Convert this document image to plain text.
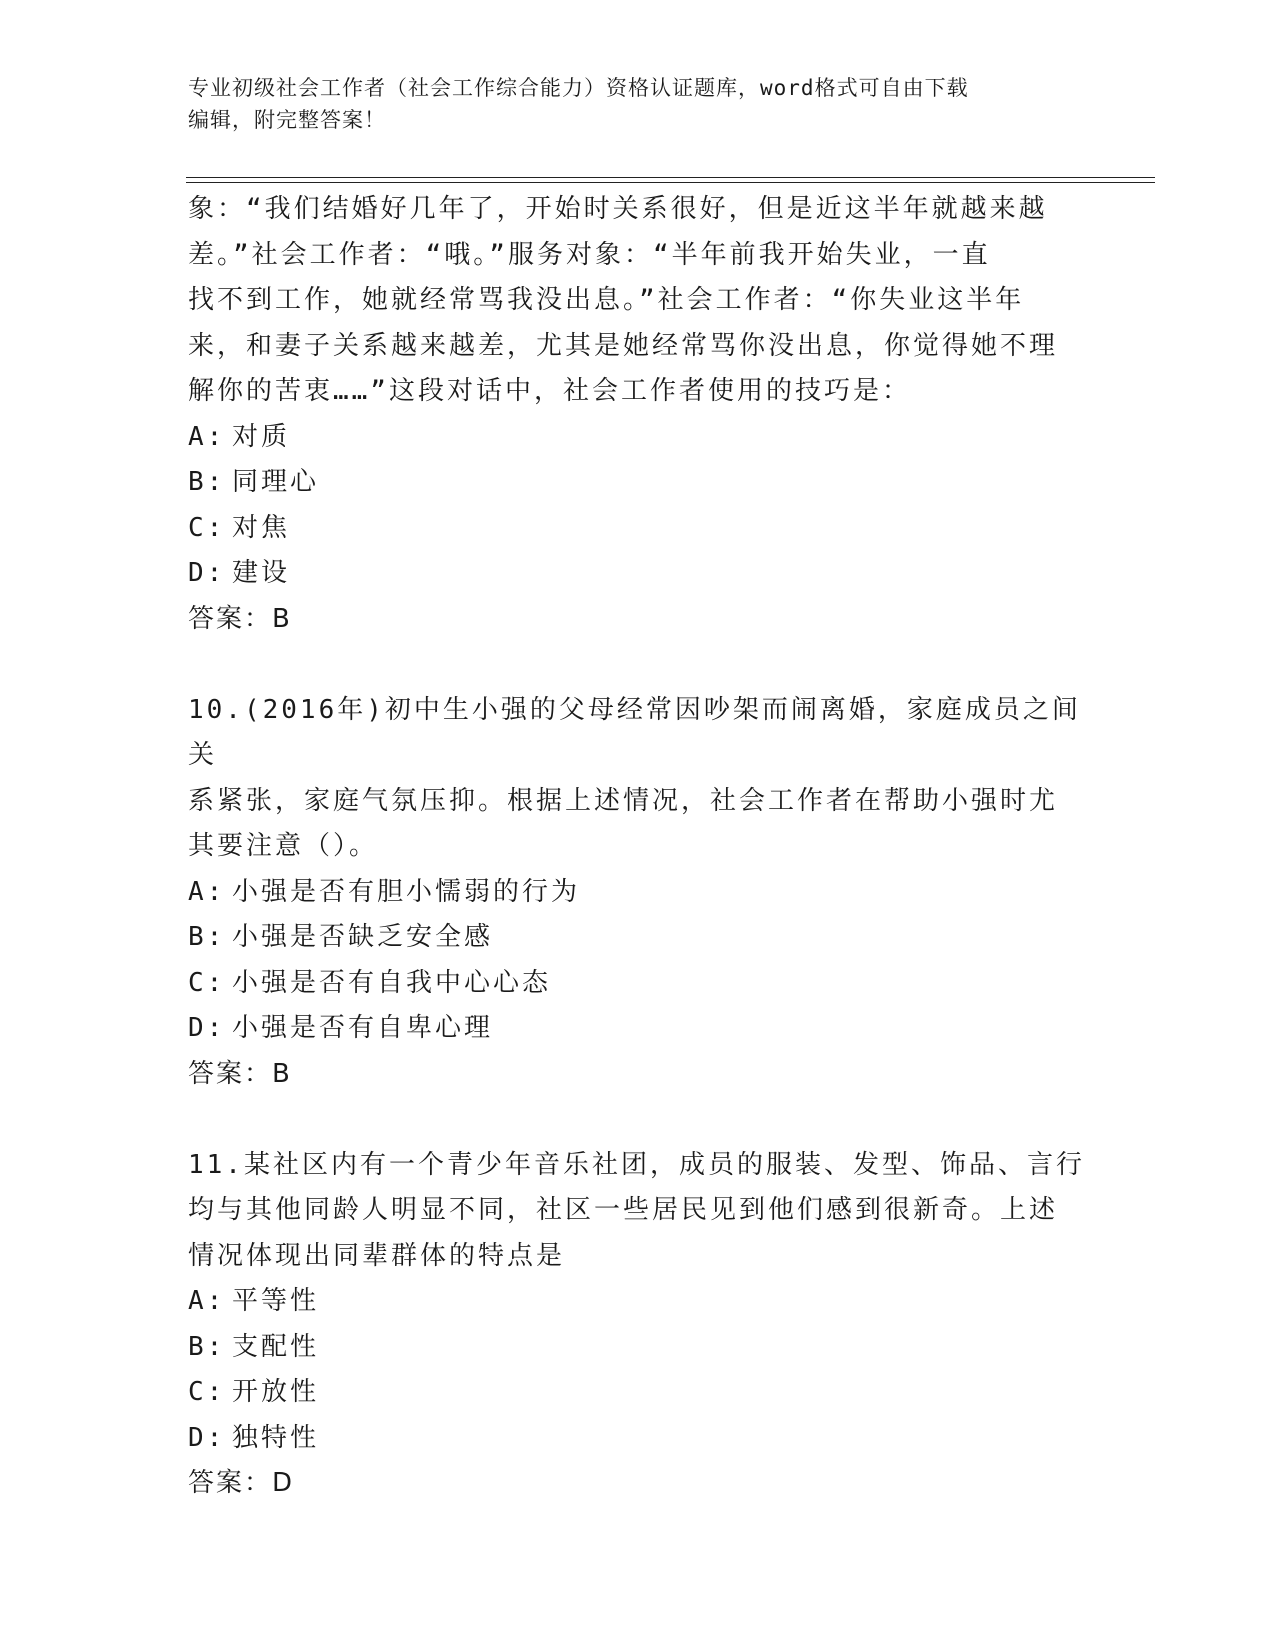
专业初级社会工作者（社会工作综合能力）资格认证题库，word格式可自由下载
编辑，附完整答案！
象：“我们结婚好几年了，开始时关系很好，但是近这半年就越来越
差。”社会工作者：“哦。”服务对象：“半年前我开始失业，一直
找不到工作，她就经常骂我没出息。”社会工作者：“你失业这半年
来，和妻子关系越来越差，尤其是她经常骂你没出息，你觉得她不理
解你的苦衷……”这段对话中，社会工作者使用的技巧是：
A: 对质
B: 同理心
C: 对焦
D: 建设
答案：B
10.(2016年)初中生小强的父母经常因吵架而闹离婚，家庭成员之间关
系紧张，家庭气氛压抑。根据上述情况，社会工作者在帮助小强时尤
其要注意（）。
A: 小强是否有胆小懦弱的行为
B: 小强是否缺乏安全感
C: 小强是否有自我中心心态
D: 小强是否有自卑心理
答案：B
11.某社区内有一个青少年音乐社团，成员的服装、发型、饰品、言行
均与其他同龄人明显不同，社区一些居民见到他们感到很新奇。上述
情况体现出同辈群体的特点是
A: 平等性
B: 支配性
C: 开放性
D: 独特性
答案：D
